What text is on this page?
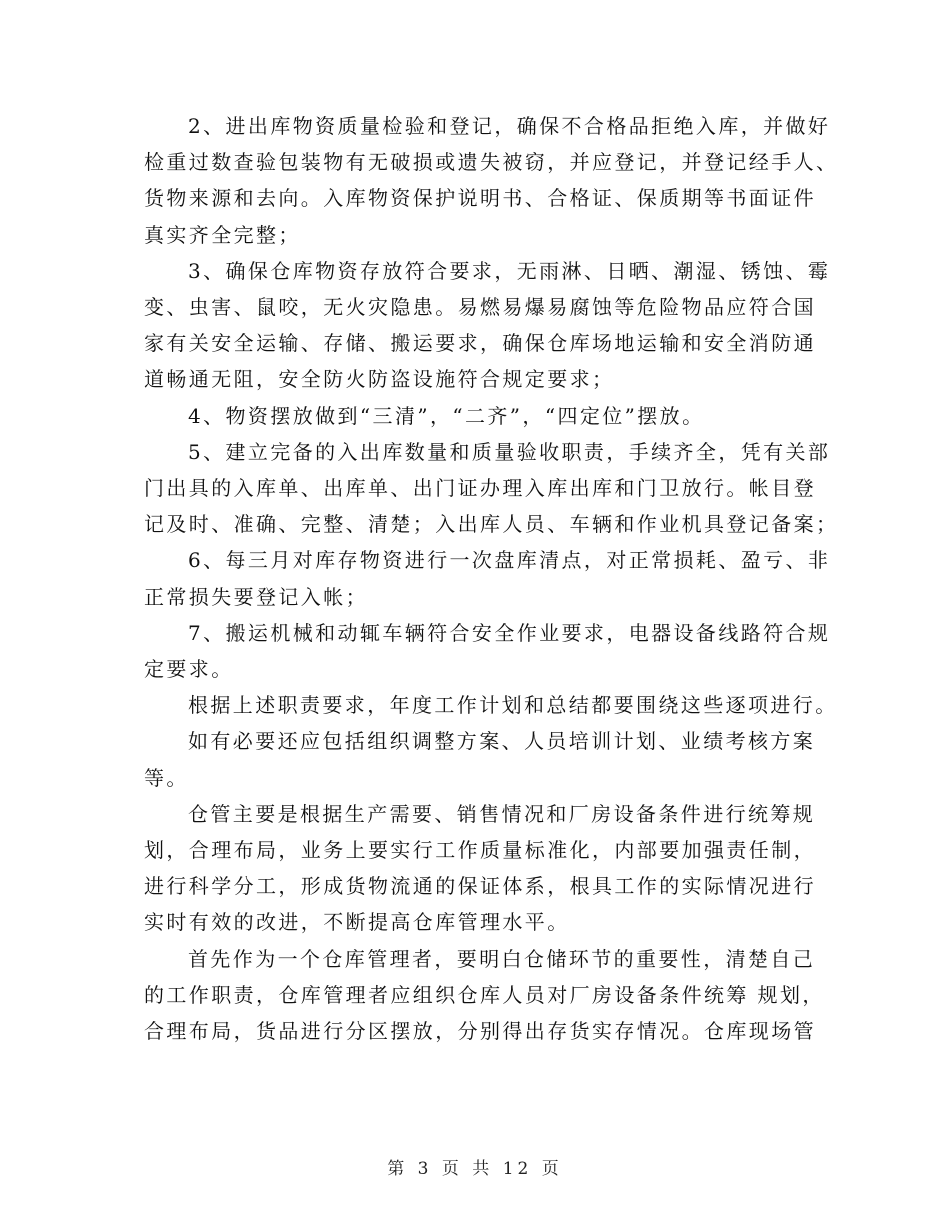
2、进出库物资质量检验和登记，确保不合格品拒绝入库，并做好
检重过数查验包装物有无破损或遗失被窃，并应登记，并登记经手人、
货物来源和去向。入库物资保护说明书、合格证、保质期等书面证件
真实齐全完整；

3、确保仓库物资存放符合要求，无雨淋、日晒、潮湿、锈蚀、霉
变、虫害、鼠咬，无火灾隐患。易燃易爆易腐蚀等危险物品应符合国
家有关安全运输、存储、搬运要求，确保仓库场地运输和安全消防通
道畅通无阻，安全防火防盗设施符合规定要求；

4、物资摆放做到“三清”，“二齐”，“四定位”摆放。

5、建立完备的入出库数量和质量验收职责，手续齐全，凭有关部
门出具的入库单、出库单、出门证办理入库出库和门卫放行。帐目登
记及时、准确、完整、清楚；入出库人员、车辆和作业机具登记备案；

6、每三月对库存物资进行一次盘库清点，对正常损耗、盈亏、非
正常损失要登记入帐；

7、搬运机械和动辄车辆符合安全作业要求，电器设备线路符合规
定要求。

根据上述职责要求，年度工作计划和总结都要围绕这些逐项进行。

如有必要还应包括组织调整方案、人员培训计划、业绩考核方案
等。

仓管主要是根据生产需要、销售情况和厂房设备条件进行统筹规
划，合理布局，业务上要实行工作质量标准化，内部要加强责任制，
进行科学分工，形成货物流通的保证体系，根具工作的实际情况进行
实时有效的改进，不断提高仓库管理水平。

首先作为一个仓库管理者，要明白仓储环节的重要性，清楚自己
的工作职责，仓库管理者应组织仓库人员对厂房设备条件统筹 规划，
合理布局，货品进行分区摆放，分别得出存货实存情况。仓库现场管

第 3 页 共 12 页
